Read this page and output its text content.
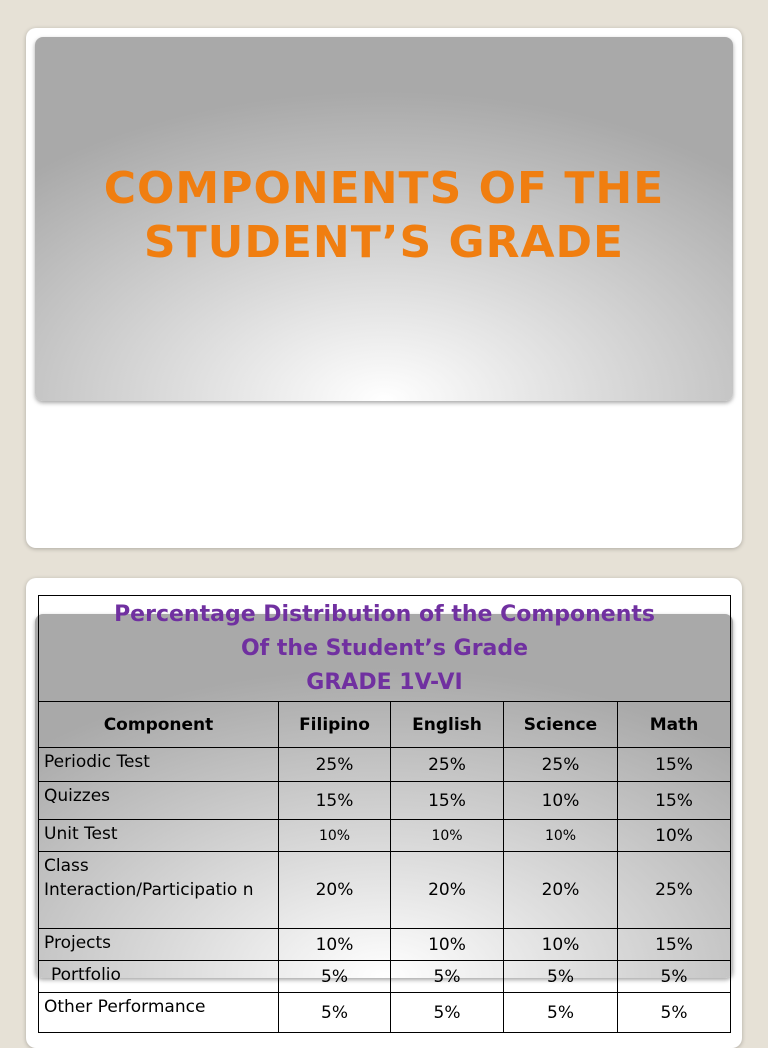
COMPONENTS OF THE
STUDENT’S GRADE
Percentage Distribution of the Components
Of the Student’s Grade
GRADE 1V-VI				

Component	Filipino	English	Science	Math
Periodic Test	25%	25%	25%	15%
Quizzes	15%	15%	10%	15%
Unit Test	10%	10%	10%	10%
Class Interaction/Participatio n	20%	20%	20%	25%
Projects	10%	10%	10%	15%
Portfolio	5%	5%	5%	5%
Other Performance	5%	5%	5%	5%
